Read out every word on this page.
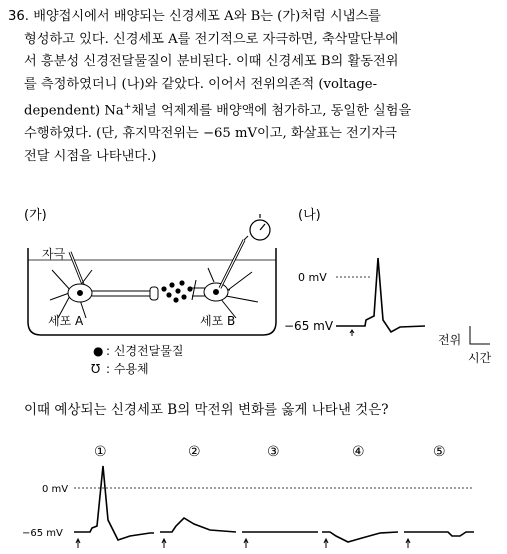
36. 배양접시에서 배양되는 신경세포 A와 B는 (가)처럼 시냅스를
형성하고 있다. 신경세포 A를 전기적으로 자극하면, 축삭말단부에
서 흥분성 신경전달물질이 분비된다. 이때 신경세포 B의 활동전위
를 측정하였더니 (나)와 같았다. 이어서 전위의존적 (voltage-
dependent) Na+채널 억제제를 배양액에 첨가하고, 동일한 실험을
수행하였다. (단, 휴지막전위는 −65 mV이고, 화살표는 전기자극
전달 시점을 나타낸다.)
(가)
자극
세포 A	세포 B
● : 신경전달물질
Ʊ : 수용체
(나)
0 mV
−65 mV
전위
시간
①	②	③	④	⑤
0 mV
−65 mV
이때 예상되는 신경세포 B의 막전위 변화를 옳게 나타낸 것은?
